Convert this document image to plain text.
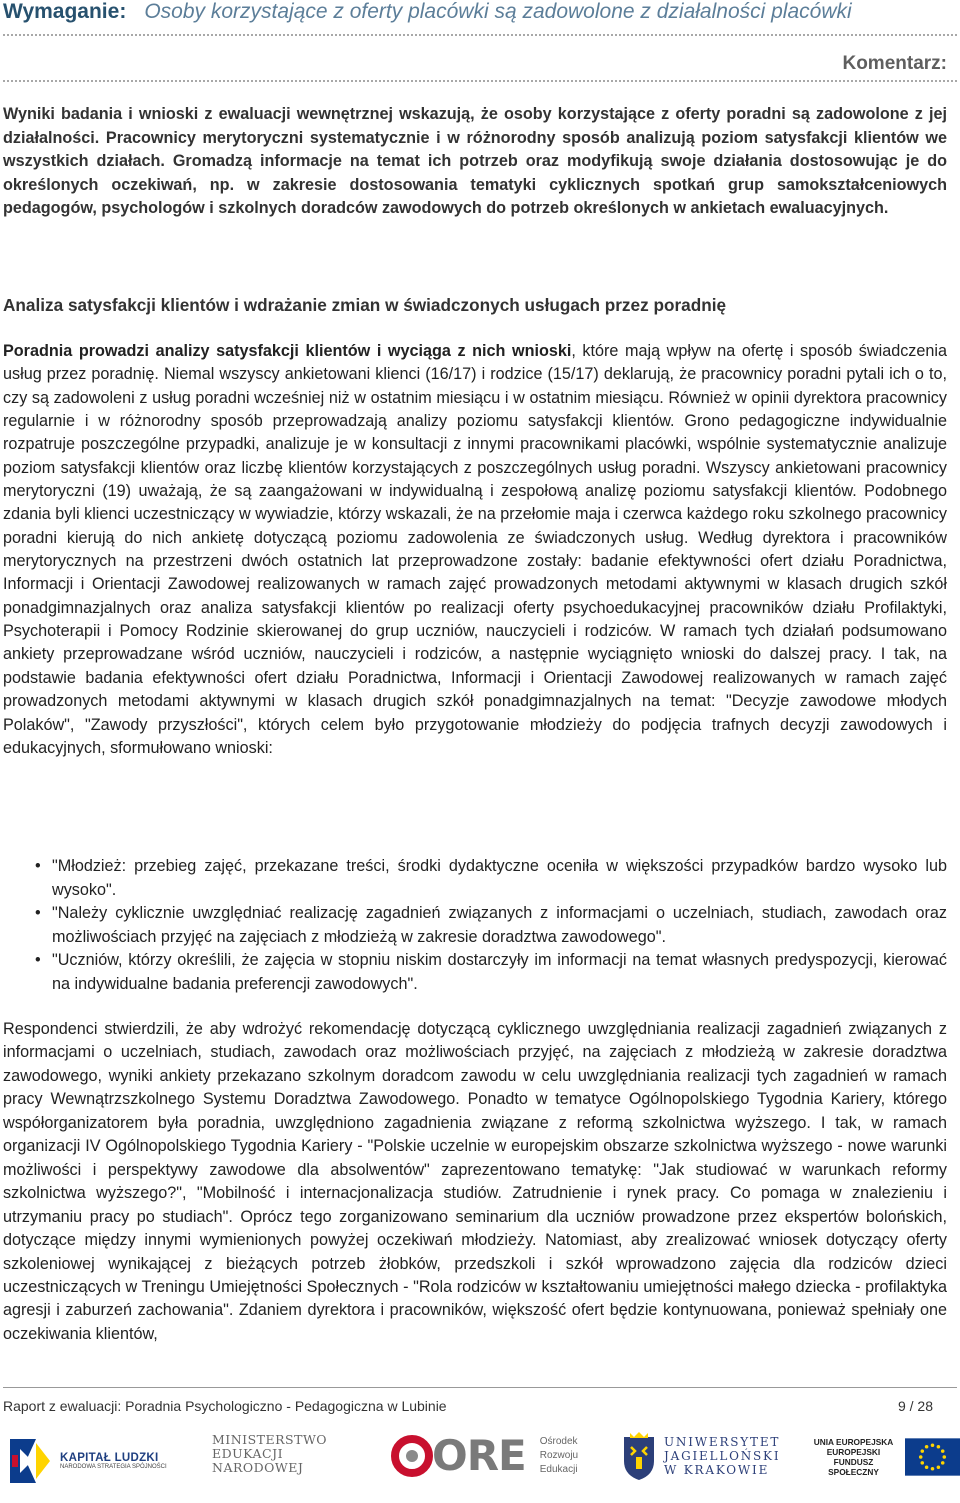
Wymaganie: Osoby korzystające z oferty placówki są zadowolone z działalności placówki
Komentarz:
Wyniki badania i wnioski z ewaluacji wewnętrznej wskazują, że osoby korzystające z oferty poradni są zadowolone z jej działalności. Pracownicy merytoryczni systematycznie i w różnorodny sposób analizują poziom satysfakcji klientów we wszystkich działach. Gromadzą informacje na temat ich potrzeb oraz modyfikują swoje działania dostosowując je do określonych oczekiwań, np. w zakresie dostosowania tematyki cyklicznych spotkań grup samokształceniowych pedagogów, psychologów i szkolnych doradców zawodowych do potrzeb określonych w ankietach ewaluacyjnych.
Analiza satysfakcji klientów i wdrażanie zmian w świadczonych usługach przez poradnię
Poradnia prowadzi analizy satysfakcji klientów i wyciąga z nich wnioski, które mają wpływ na ofertę i sposób świadczenia usług przez poradnię. Niemal wszyscy ankietowani klienci (16/17) i rodzice (15/17) deklarują, że pracownicy poradni pytali ich o to, czy są zadowoleni z usług poradni wcześniej niż w ostatnim miesiącu i w ostatnim miesiącu. Również w opinii dyrektora pracownicy regularnie i w różnorodny sposób przeprowadzają analizy poziomu satysfakcji klientów. Grono pedagogiczne indywidualnie rozpatruje poszczególne przypadki, analizuje je w konsultacji z innymi pracownikami placówki, wspólnie systematycznie analizuje poziom satysfakcji klientów oraz liczbę klientów korzystających z poszczególnych usług poradni. Wszyscy ankietowani pracownicy merytoryczni (19) uważają, że są zaangażowani w indywidualną i zespołową analizę poziomu satysfakcji klientów. Podobnego zdania byli klienci uczestniczący w wywiadzie, którzy wskazali, że na przełomie maja i czerwca każdego roku szkolnego pracownicy poradni kierują do nich ankietę dotyczącą poziomu zadowolenia ze świadczonych usług. Według dyrektora i pracowników merytorycznych na przestrzeni dwóch ostatnich lat przeprowadzone zostały: badanie efektywności ofert działu Poradnictwa, Informacji i Orientacji Zawodowej realizowanych w ramach zajęć prowadzonych metodami aktywnymi w klasach drugich szkół ponadgimnazjalnych oraz analiza satysfakcji klientów po realizacji oferty psychoedukacyjnej pracowników działu Profilaktyki, Psychoterapii i Pomocy Rodzinie skierowanej do grup uczniów, nauczycieli i rodziców. W ramach tych działań podsumowano ankiety przeprowadzane wśród uczniów, nauczycieli i rodziców, a następnie wyciągnięto wnioski do dalszej pracy. I tak, na podstawie badania efektywności ofert działu Poradnictwa, Informacji i Orientacji Zawodowej realizowanych w ramach zajęć prowadzonych metodami aktywnymi w klasach drugich szkół ponadgimnazjalnych na temat: "Decyzje zawodowe młodych Polaków", "Zawody przyszłości", których celem było przygotowanie młodzieży do podjęcia trafnych decyzji zawodowych i edukacyjnych, sformułowano wnioski:
• "Młodzież: przebieg zajęć, przekazane treści, środki dydaktyczne oceniła w większości przypadków bardzo wysoko lub wysoko".
• "Należy cyklicznie uwzględniać realizację zagadnień związanych z informacjami o uczelniach, studiach, zawodach oraz możliwościach przyjęć na zajęciach z młodzieżą w zakresie doradztwa zawodowego".
• "Uczniów, którzy określili, że zajęcia w stopniu niskim dostarczyły im informacji na temat własnych predyspozycji, kierować na indywidualne badania preferencji zawodowych".
Respondenci stwierdzili, że aby wdrożyć rekomendację dotyczącą cyklicznego uwzględniania realizacji zagadnień związanych z informacjami o uczelniach, studiach, zawodach oraz możliwościach przyjęć, na zajęciach z młodzieżą w zakresie doradztwa zawodowego, wyniki ankiety przekazano szkolnym doradcom zawodu w celu uwzględniania realizacji tych zagadnień w ramach pracy Wewnątrzszkolnego Systemu Doradztwa Zawodowego. Ponadto w tematyce Ogólnopolskiego Tygodnia Kariery, którego współorganizatorem była poradnia, uwzględniono zagadnienia związane z reformą szkolnictwa wyższego. I tak, w ramach organizacji IV Ogólnopolskiego Tygodnia Kariery - "Polskie uczelnie w europejskim obszarze szkolnictwa wyższego - nowe warunki możliwości i perspektywy zawodowe dla absolwentów" zaprezentowano tematykę: "Jak studiować w warunkach reformy szkolnictwa wyższego?", "Mobilność i internacjonalizacja studiów. Zatrudnienie i rynek pracy. Co pomaga w znalezieniu i utrzymaniu pracy po studiach". Oprócz tego zorganizowano seminarium dla uczniów prowadzone przez ekspertów bolońskich, dotyczące między innymi wymienionych powyżej oczekiwań młodzieży. Natomiast, aby zrealizować wniosek dotyczący oferty szkoleniowej wynikającej z bieżących potrzeb żłobków, przedszkoli i szkół wprowadzono zajęcia dla rodziców dzieci uczestniczących w Treningu Umiejętności Społecznych - "Rola rodziców w kształtowaniu umiejętności małego dziecka - profilaktyka agresji i zaburzeń zachowania". Zdaniem dyrektora i pracowników, większość ofert będzie kontynuowana, ponieważ spełniały one oczekiwania klientów,
Raport z ewaluacji: Poradnia Psychologiczno - Pedagogiczna w Lubinie	9 / 28
KAPITAŁ LUDZKI
NARODOWA STRATEGIA SPÓJNOŚCI
MINISTERSTWO
EDUKACJI
NARODOWEJ	ORE Ośrodek
Rozwoju
Edukacji
UNIWERSYTET
JAGIELLOŃSKI
W KRAKOWIE
UNIA EUROPEJSKA
EUROPEJSKI
FUNDUSZ SPOŁECZNY
